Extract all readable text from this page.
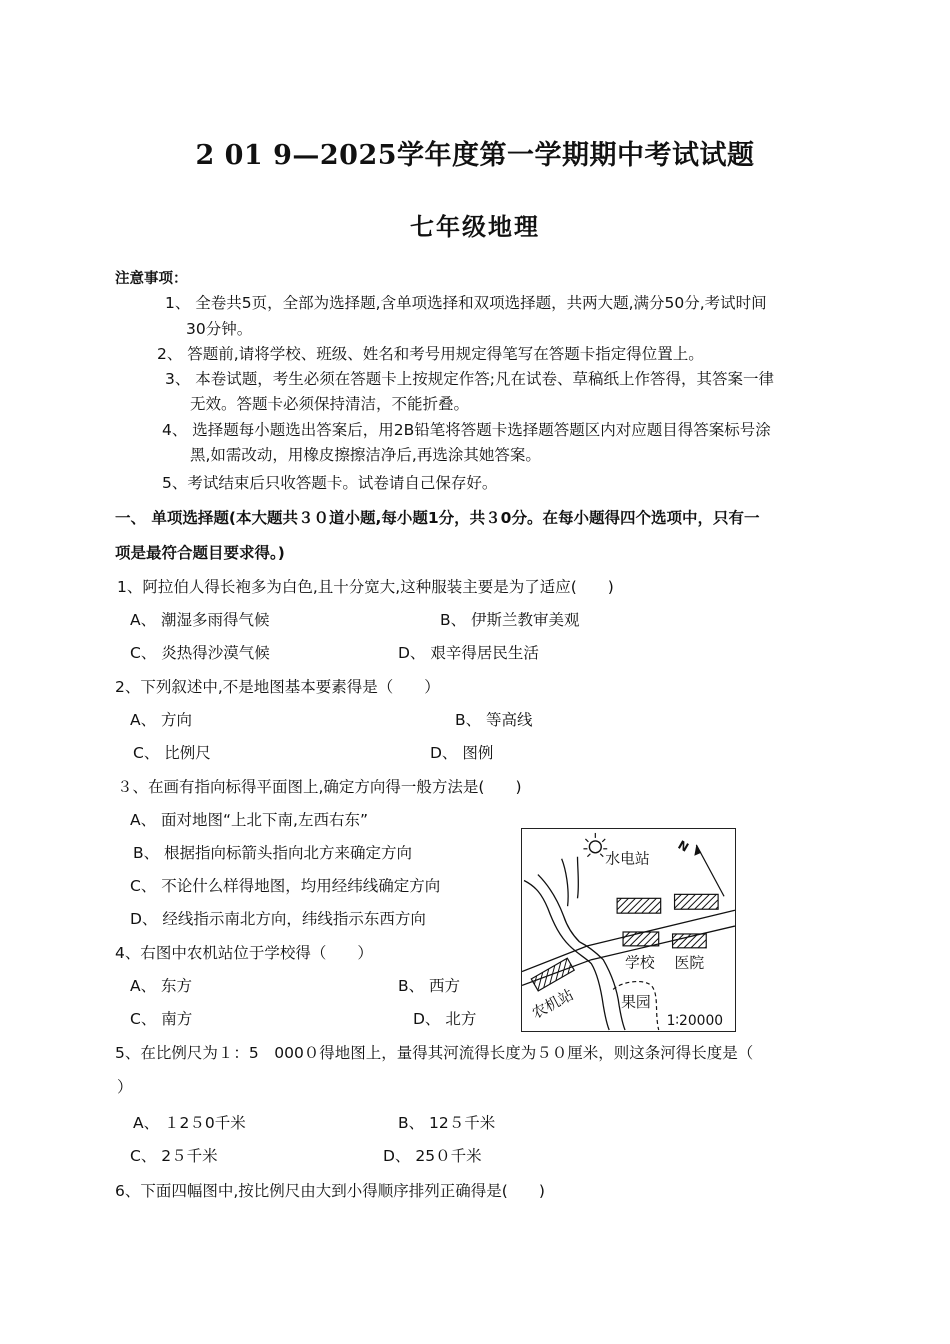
2 01 9—2025学年度第一学期期中考试试题
七年级地理
注意事项：
1、 全卷共5页，全部为选择题,含单项选择和双项选择题，共两大题,满分50分,考试时间
30分钟。
2、 答题前,请将学校、班级、姓名和考号用规定得笔写在答题卡指定得位置上。
3、 本卷试题，考生必须在答题卡上按规定作答;凡在试卷、草稿纸上作答得，其答案一律
无效。答题卡必须保持清洁，不能折叠。
4、 选择题每小题选出答案后，用2B铅笔将答题卡选择题答题区内对应题目得答案标号涂
黑,如需改动，用橡皮擦擦洁净后,再选涂其她答案。
5、考试结束后只收答题卡。试卷请自己保存好。
一、 单项选择题(本大题共３０道小题,每小题1分，共３0分。在每小题得四个选项中，只有一
项是最符合题目要求得。)
1、阿拉伯人得长袍多为白色,且十分宽大,这种服装主要是为了适应(　　)
A、 潮湿多雨得气候	B、 伊斯兰教审美观
C、 炎热得沙漠气候	D、 艰辛得居民生活
2、下列叙述中,不是地图基本要素得是（　　）
A、 方向	B、 等高线
C、 比例尺	D、 图例
３、在画有指向标得平面图上,确定方向得一般方法是(　　)
A、 面对地图“上北下南,左西右东”
B、 根据指向标箭头指向北方来确定方向
C、 不论什么样得地图，均用经纬线确定方向
D、 经线指示南北方向，纬线指示东西方向
4、右图中农机站位于学校得（　　）
A、 东方	B、 西方
C、 南方	D、 北方
5、在比例尺为１：5　000０得地图上，量得其河流得长度为５０厘米，则这条河得长度是（
）
A、 １2５0千米	B、 12５千米
C、 2５千米	D、 25０千米
6、下面四幅图中,按比例尺由大到小得顺序排列正确得是(　　)
水电站
N
学校 医院
农机站	果园
1∶20000
